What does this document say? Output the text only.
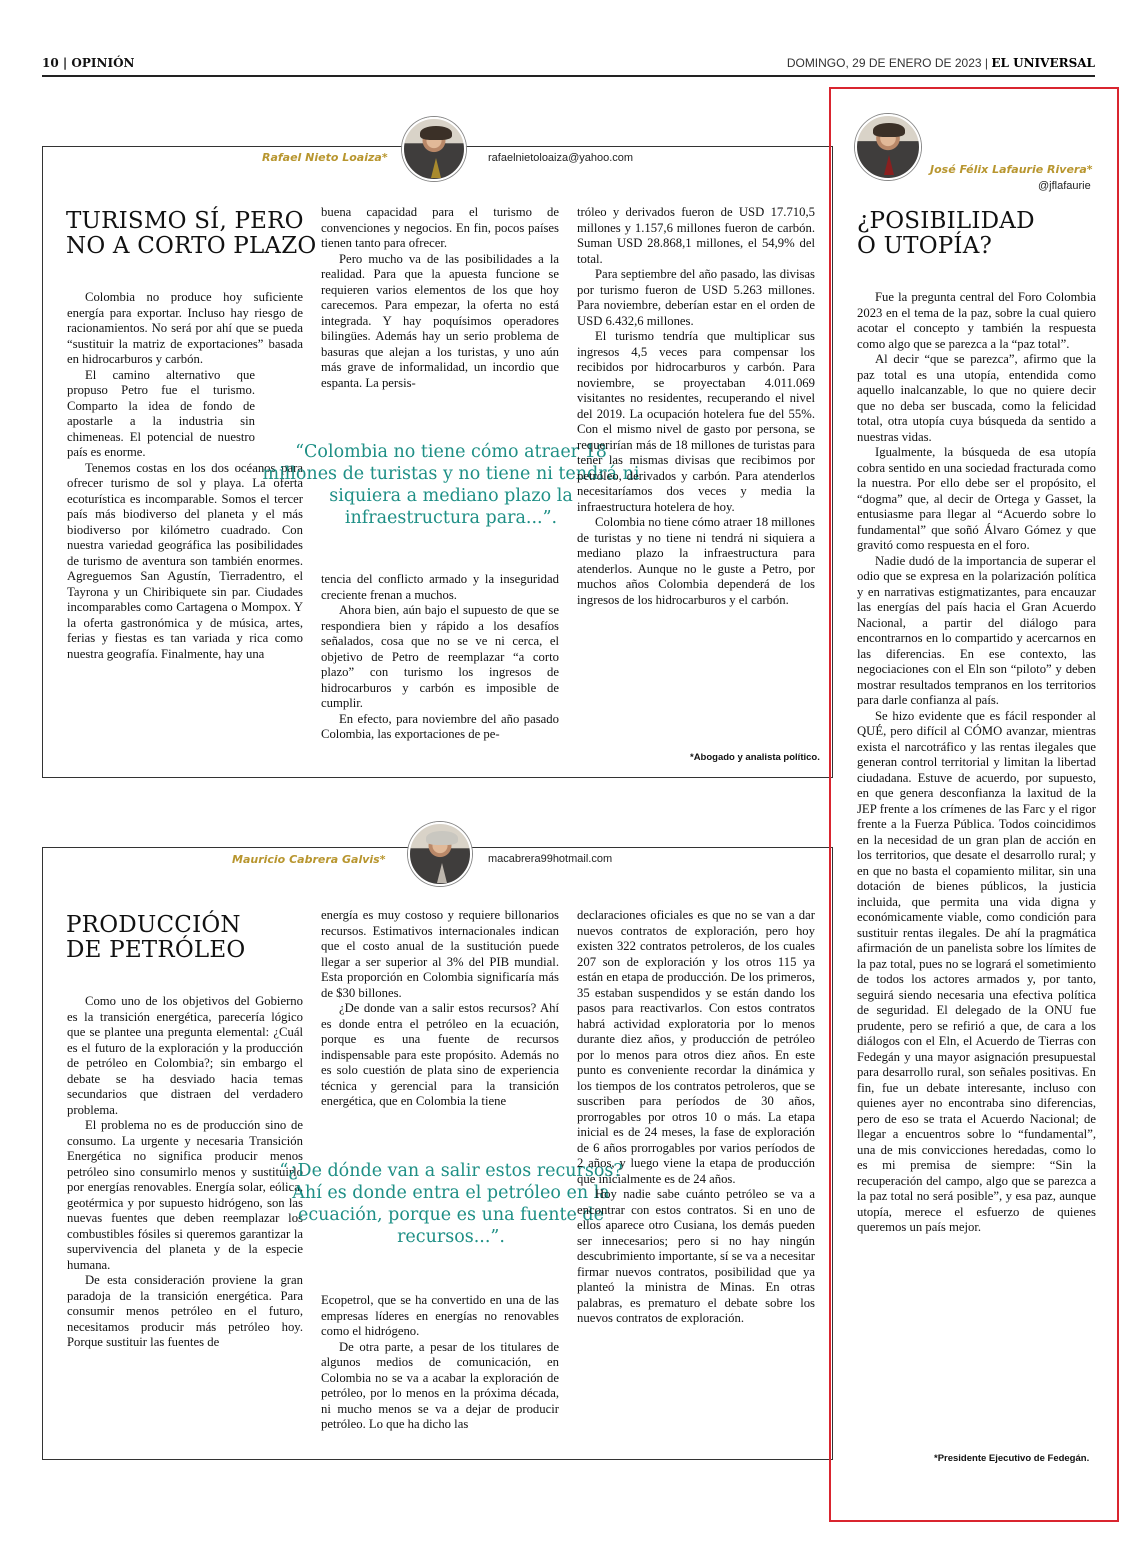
10 | OPINIÓN	DOMINGO, 29 DE ENERO DE 2023 | EL UNIVERSAL
Rafael Nieto Loaiza*	rafaelnietoloaiza@yahoo.com
TURISMO SÍ, PERO
NO A CORTO PLAZO

Colombia no produce hoy suficiente energía para exportar. Incluso hay riesgo de racionamientos. No será por ahí que se pueda “sustituir la matriz de exportaciones” basada en hidrocarburos y carbón.

El camino alternativo que propuso Petro fue el turismo. Comparto la idea de fondo de apostarle a la industria sin chimeneas. El potencial de nuestro país es enorme.

Tenemos costas en los dos océanos para ofrecer turismo de sol y playa. La oferta ecoturística es incomparable. Somos el tercer país más biodiverso del planeta y el más biodiverso por kilómetro cuadrado. Con nuestra variedad geográfica las posibilidades de turismo de aventura son también enormes. Agreguemos San Agustín, Tierradentro, el Tayrona y un Chiribiquete sin par. Ciudades incomparables como Cartagena o Mompox. Y la oferta gastronómica y de música, artes, ferias y fiestas es tan variada y rica como nuestra geografía. Finalmente, hay una

buena capacidad para el turismo de convenciones y negocios. En fin, pocos países tienen tanto para ofrecer.

Pero mucho va de las posibilidades a la realidad. Para que la apuesta funcione se requieren varios elementos de los que hoy carecemos. Para empezar, la oferta no está integrada. Y hay poquísimos operadores bilingües. Además hay un serio problema de basuras que alejan a los turistas, y uno aún más grave de informalidad, un incordio que espanta. La persis-

“Colombia no tiene cómo atraer 18 millones de turistas y no tiene ni tendrá ni siquiera a mediano plazo la infraestructura para...”.

tencia del conflicto armado y la inseguridad creciente frenan a muchos.

Ahora bien, aún bajo el supuesto de que se respondiera bien y rápido a los desafíos señalados, cosa que no se ve ni cerca, el objetivo de Petro de reemplazar “a corto plazo” con turismo los ingresos de hidrocarburos y carbón es imposible de cumplir.

En efecto, para noviembre del año pasado Colombia, las exportaciones de pe-

tróleo y derivados fueron de USD 17.710,5 millones y 1.157,6 millones fueron de carbón. Suman USD 28.868,1 millones, el 54,9% del total.

Para septiembre del año pasado, las divisas por turismo fueron de USD 5.263 millones. Para noviembre, deberían estar en el orden de USD 6.432,6 millones.

El turismo tendría que multiplicar sus ingresos 4,5 veces para compensar los recibidos por hidrocarburos y carbón. Para noviembre, se proyectaban 4.011.069 visitantes no residentes, recuperando el nivel del 2019. La ocupación hotelera fue del 55%. Con el mismo nivel de gasto por persona, se requerirían más de 18 millones de turistas para tener las mismas divisas que recibimos por petróleo, derivados y carbón. Para atenderlos necesitaríamos dos veces y media la infraestructura hotelera de hoy.

Colombia no tiene cómo atraer 18 millones de turistas y no tiene ni tendrá ni siquiera a mediano plazo la infraestructura para atenderlos. Aunque no le guste a Petro, por muchos años Colombia dependerá de los ingresos de los hidrocarburos y el carbón.

*Abogado y analista político.
Mauricio Cabrera Galvis*	macabrera99hotmail.com
PRODUCCIÓN
DE PETRÓLEO

Como uno de los objetivos del Gobierno es la transición energética, parecería lógico que se plantee una pregunta elemental: ¿Cuál es el futuro de la exploración y la producción de petróleo en Colombia?; sin embargo el debate se ha desviado hacia temas secundarios que distraen del verdadero problema.

El problema no es de producción sino de consumo. La urgente y necesaria Transición Energética no significa producir menos petróleo sino consumirlo menos y sustituirlo por energías renovables. Energía solar, eólica, geotérmica y por supuesto hidrógeno, son las nuevas fuentes que deben reemplazar los combustibles fósiles si queremos garantizar la supervivencia del planeta y de la especie humana.

De esta consideración proviene la gran paradoja de la transición energética. Para consumir menos petróleo en el futuro, necesitamos producir más petróleo hoy. Porque sustituir las fuentes de

energía es muy costoso y requiere billonarios recursos. Estimativos internacionales indican que el costo anual de la sustitución puede llegar a ser superior al 3% del PIB mundial. Esta proporción en Colombia significaría más de $30 billones.

¿De donde van a salir estos recursos? Ahí es donde entra el petróleo en la ecuación, porque es una fuente de recursos indispensable para este propósito. Además no es solo cuestión de plata sino de experiencia técnica y gerencial para la transición energética, que en Colombia la tiene

“¿De dónde van a salir estos recursos? Ahí es donde entra el petróleo en la ecuación, porque es una fuente de recursos...”.

Ecopetrol, que se ha convertido en una de las empresas líderes en energías no renovables como el hidrógeno.

De otra parte, a pesar de los titulares de algunos medios de comunicación, en Colombia no se va a acabar la exploración de petróleo, por lo menos en la próxima década, ni mucho menos se va a dejar de producir petróleo. Lo que ha dicho las

declaraciones oficiales es que no se van a dar nuevos contratos de exploración, pero hoy existen 322 contratos petroleros, de los cuales 207 son de exploración y los otros 115 ya están en etapa de producción. De los primeros, 35 estaban suspendidos y se están dando los pasos para reactivarlos. Con estos contratos habrá actividad exploratoria por lo menos durante diez años, y producción de petróleo por lo menos para otros diez años. En este punto es conveniente recordar la dinámica y los tiempos de los contratos petroleros, que se suscriben para períodos de 30 años, prorrogables por otros 10 o más. La etapa inicial es de 24 meses, la fase de exploración de 6 años prorrogables por varios períodos de 2 años, y luego viene la etapa de producción que inicialmente es de 24 años.

Hoy nadie sabe cuánto petróleo se va a encontrar con estos contratos. Si en uno de ellos aparece otro Cusiana, los demás pueden ser innecesarios; pero si no hay ningún descubrimiento importante, sí se va a necesitar firmar nuevos contratos, posibilidad que ya planteó la ministra de Minas. En otras palabras, es prematuro el debate sobre los nuevos contratos de exploración.

José Félix Lafaurie Rivera*
@jflafaurie
¿POSIBILIDAD
O UTOPÍA?

Fue la pregunta central del Foro Colombia 2023 en el tema de la paz, sobre la cual quiero acotar el concepto y también la respuesta como algo que se parezca a la “paz total”.

Al decir “que se parezca”, afirmo que la paz total es una utopía, entendida como aquello inalcanzable, lo que no quiere decir que no deba ser buscada, como la felicidad total, otra utopía cuya búsqueda da sentido a nuestras vidas.

Igualmente, la búsqueda de esa utopía cobra sentido en una sociedad fracturada como la nuestra. Por ello debe ser el propósito, el “dogma” que, al decir de Ortega y Gasset, la entusiasme para llegar al “Acuerdo sobre lo fundamental” que soñó Álvaro Gómez y que gravitó como respuesta en el foro.

Nadie dudó de la importancia de superar el odio que se expresa en la polarización política y en narrativas estigmatizantes, para encauzar las energías del país hacia el Gran Acuerdo Nacional, a partir del diálogo para encontrarnos en lo compartido y acercarnos en las diferencias. En ese contexto, las negociaciones con el Eln son “piloto” y deben mostrar resultados tempranos en los territorios para darle confianza al país.

Se hizo evidente que es fácil responder al QUÉ, pero difícil al CÓMO avanzar, mientras exista el narcotráfico y las rentas ilegales que generan control territorial y limitan la libertad ciudadana. Estuve de acuerdo, por supuesto, en que genera desconfianza la laxitud de la JEP frente a los crímenes de las Farc y el rigor frente a la Fuerza Pública. Todos coincidimos en la necesidad de un gran plan de acción en los territorios, que desate el desarrollo rural; y en que no basta el copamiento militar, sin una dotación de bienes públicos, la justicia incluida, que permita una vida digna y económicamente viable, como condición para sustituir rentas ilegales. De ahí la pragmática afirmación de un panelista sobre los límites de la paz total, pues no se logrará el sometimiento de todos los actores armados y, por tanto, seguirá siendo necesaria una efectiva política de seguridad. El delegado de la ONU fue prudente, pero se refirió a que, de cara a los diálogos con el Eln, el Acuerdo de Tierras con Fedegán y una mayor asignación presupuestal para desarrollo rural, son señales positivas. En fin, fue un debate interesante, incluso con quienes ayer no encontraba sino diferencias, pero de eso se trata el Acuerdo Nacional; de llegar a encuentros sobre lo “fundamental”, una de mis convicciones heredadas, como lo es mi premisa de siempre: “Sin la recuperación del campo, algo que se parezca a la paz total no será posible”, y esa paz, aunque utopía, merece el esfuerzo de quienes queremos un país mejor.

*Presidente Ejecutivo de Fedegán.
